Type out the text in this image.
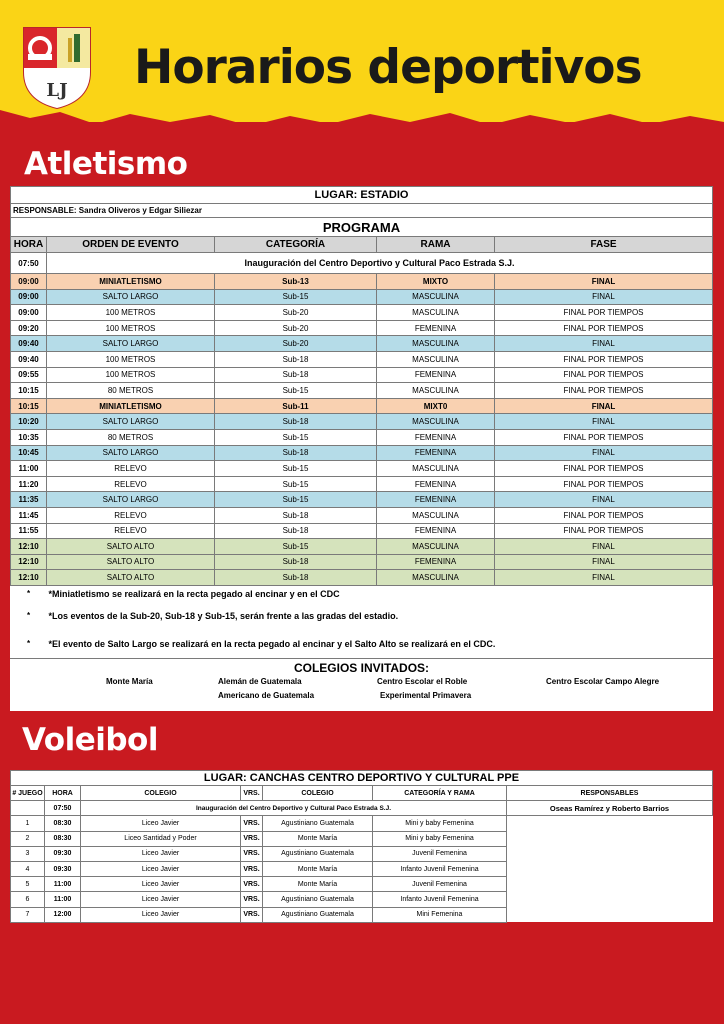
LJ Horarios deportivos
Atletismo
LUGAR: ESTADIO				
RESPONSABLE: Sandra Oliveros y Edgar Siliezar				
PROGRAMA				
HORA	ORDEN DE EVENTO	CATEGORÍA	RAMA	FASE
07:50	Inauguración del Centro Deportivo y Cultural Paco Estrada S.J.			
09:00	MINIATLETISMO	Sub-13	MIXTO	FINAL
09:00	SALTO LARGO	Sub-15	MASCULINA	FINAL
09:00	100 METROS	Sub-20	MASCULINA	FINAL POR TIEMPOS
09:20	100 METROS	Sub-20	FEMENINA	FINAL POR TIEMPOS
09:40	SALTO LARGO	Sub-20	MASCULINA	FINAL
09:40	100 METROS	Sub-18	MASCULINA	FINAL POR TIEMPOS
09:55	100 METROS	Sub-18	FEMENINA	FINAL POR TIEMPOS
10:15	80 METROS	Sub-15	MASCULINA	FINAL POR TIEMPOS
10:15	MINIATLETISMO	Sub-11	MIXT0	FINAL
10:20	SALTO LARGO	Sub-18	MASCULINA	FINAL
10:35	80 METROS	Sub-15	FEMENINA	FINAL POR TIEMPOS
10:45	SALTO LARGO	Sub-18	FEMENINA	FINAL
11:00	RELEVO	Sub-15	MASCULINA	FINAL POR TIEMPOS
11:20	RELEVO	Sub-15	FEMENINA	FINAL POR TIEMPOS
11:35	SALTO LARGO	Sub-15	FEMENINA	FINAL
11:45	RELEVO	Sub-18	MASCULINA	FINAL POR TIEMPOS
11:55	RELEVO	Sub-18	FEMENINA	FINAL POR TIEMPOS
12:10	SALTO ALTO	Sub-15	MASCULINA	FINAL
12:10	SALTO ALTO	Sub-18	FEMENINA	FINAL
12:10	SALTO ALTO	Sub-18	MASCULINA	FINAL
*	*Miniatletismo se realizará en la recta pegado al encinar y en el CDC			
*	*Los eventos de la Sub-20, Sub-18 y Sub-15, serán frente a las gradas del estadio.			
*	*El evento de Salto Largo se realizará en la recta pegado al encinar y el Salto Alto se realizará en el CDC.			
COLEGIOS INVITADOS:
Monte María	Alemán de Guatemala
Americano de Guatemala
Centro Escolar el Roble
Experimental Primavera
Centro Escolar Campo Alegre
Voleibol
LUGAR: CANCHAS CENTRO DEPORTIVO Y CULTURAL PPE						
# JUEGO	HORA	COLEGIO	VRS.	COLEGIO	CATEGORÍA Y RAMA	RESPONSABLES
	07:50	Inauguración del Centro Deportivo y Cultural Paco Estrada S.J.				Oseas Ramírez y Roberto Barrios
1	08:30	Liceo Javier	VRS.	Agustiniano Guatemala	Mini y baby Femenina	
2	08:30	Liceo Santidad y Poder	VRS.	Monte María	Mini y baby Femenina	
3	09:30	Liceo Javier	VRS.	Agustiniano Guatemala	Juvenil Femenina	
4	09:30	Liceo Javier	VRS.	Monte María	Infanto Juvenil Femenina	
5	11:00	Liceo Javier	VRS.	Monte María	Juvenil Femenina	
6	11:00	Liceo Javier	VRS.	Agustiniano Guatemala	Infanto Juvenil Femenina	
7	12:00	Liceo Javier	VRS.	Agustiniano Guatemala	Mini Femenina	
